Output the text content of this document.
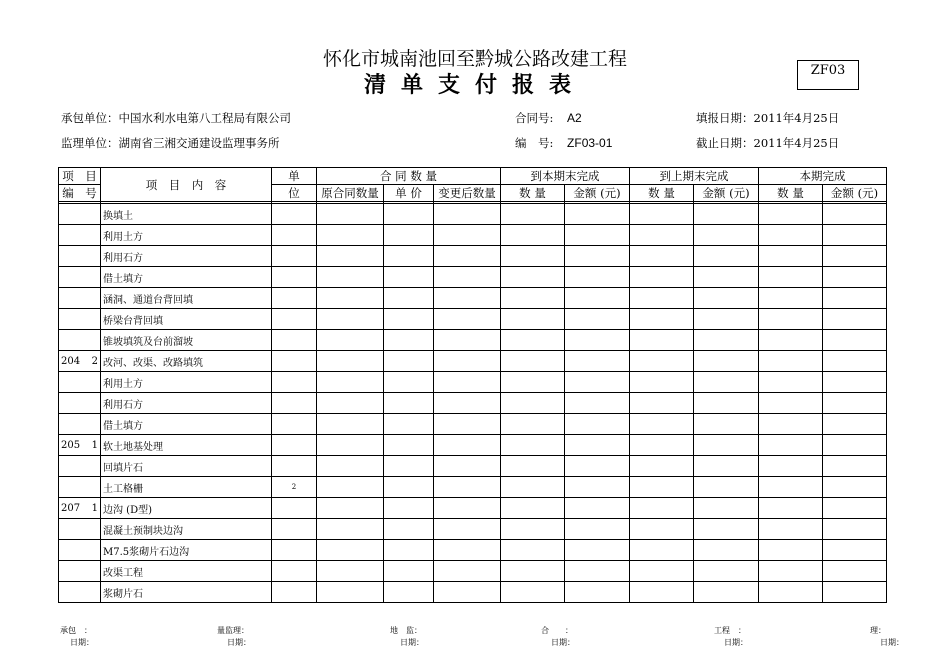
怀化市城南池回至黔城公路改建工程
清单支付报表
ZF03
承包单位：中国水利水电第八工程局有限公司
监理单位：湖南省三湘交通建设监理事务所
合同号: A2
编　号: ZF03-01
填报日期：2011年4月25日
截止日期：2011年4月25日
项　目	项　目　内　容	单	合 同 数 量			到本期末完成		到上期末完成		本期完成	
编　号		位	原合同数量	单 价	变更后数量	数 量	金额 (元)	数 量	金额 (元)	数 量	金额 (元)

	换填土										

	利用土方										

	利用石方										

	借土填方										

	涵洞、通道台背回填										

	桥梁台背回填										

	锥坡填筑及台前溜坡										

204 2	改河、改渠、改路填筑										

	利用土方										

	利用石方										

	借土填方										

205 1	软土地基处理										

	回填片石										

	土工格栅	2									

207 1	边沟 (D型)										

	混凝土预制块边沟										

	M7.5浆砌片石边沟										

	改渠工程										

	浆砌片石										
承包　：
日期：
量监理：
日期：
地　监：
日期：
合　　：
日期：
工程　：
日期：
理：
日期：
